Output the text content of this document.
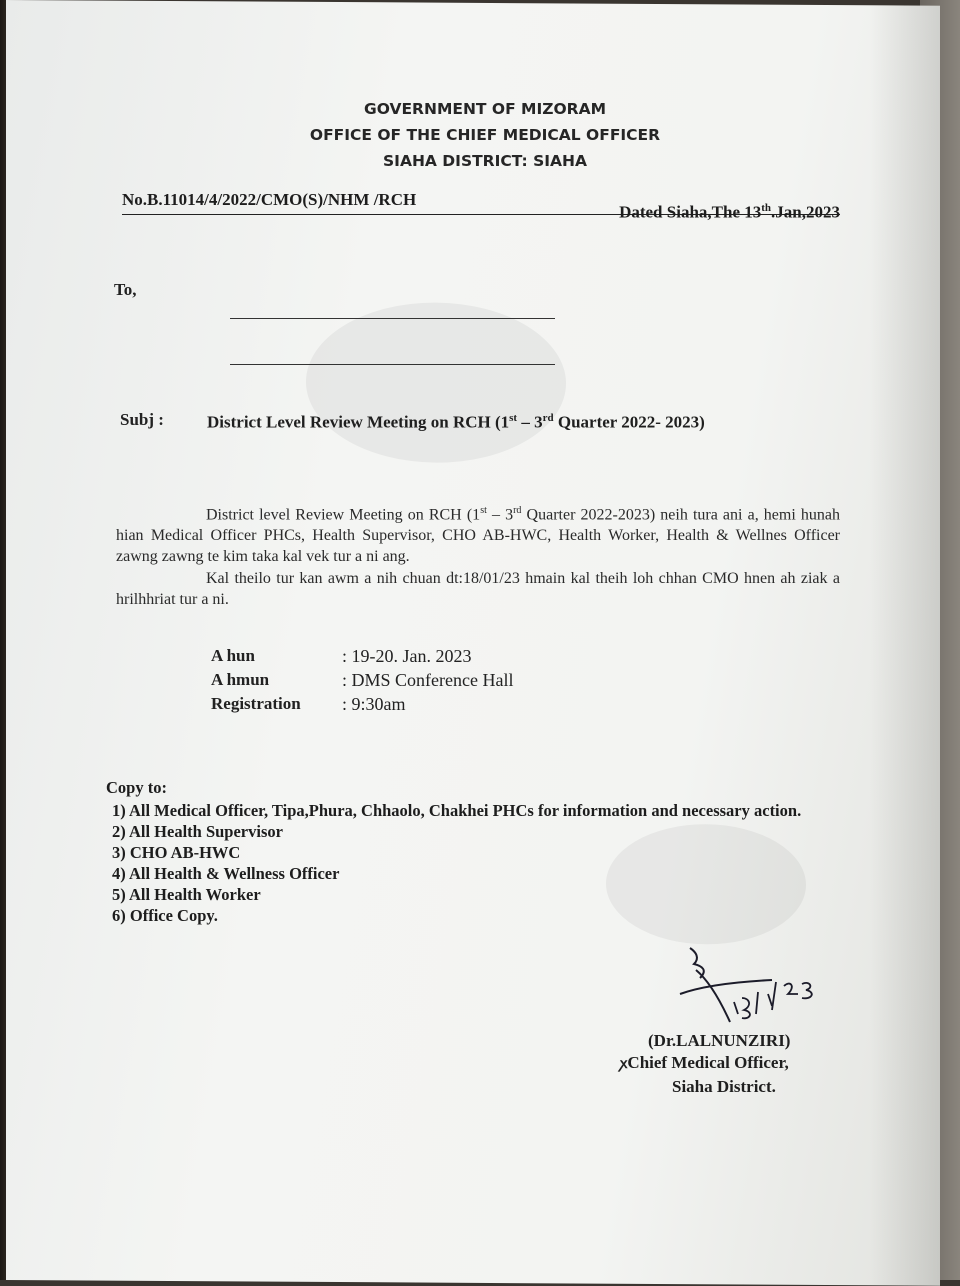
GOVERNMENT OF MIZORAM
OFFICE OF THE CHIEF MEDICAL OFFICER
SIAHA DISTRICT: SIAHA
No.B.11014/4/2022/CMO(S)/NHM /RCH
Dated Siaha,The 13th.Jan,2023
To,
Subj :	District Level Review Meeting on RCH (1st – 3rd Quarter 2022- 2023)

District level Review Meeting on RCH (1st – 3rd Quarter 2022-2023) neih tura ani a, hemi hunah hian Medical Officer PHCs, Health Supervisor, CHO AB-HWC, Health Worker, Health & Wellnes Officer zawng zawng te kim taka kal vek tur a ni ang.

Kal theilo tur kan awm a nih chuan dt:18/01/23 hmain kal theih loh chhan CMO hnen ah ziak a hrilhhriat tur a ni.

A hun	: 19-20. Jan. 2023
A hmun	: DMS Conference Hall
Registration	: 9:30am
Copy to:
1) All Medical Officer, Tipa,Phura, Chhaolo, Chakhei PHCs for information and necessary action.
2) All Health Supervisor
3) CHO AB-HWC
4) All Health & Wellness Officer
5) All Health Worker
6) Office Copy.
(Dr.LALNUNZIRI)
ꭗChief Medical Officer,
Siaha District.
